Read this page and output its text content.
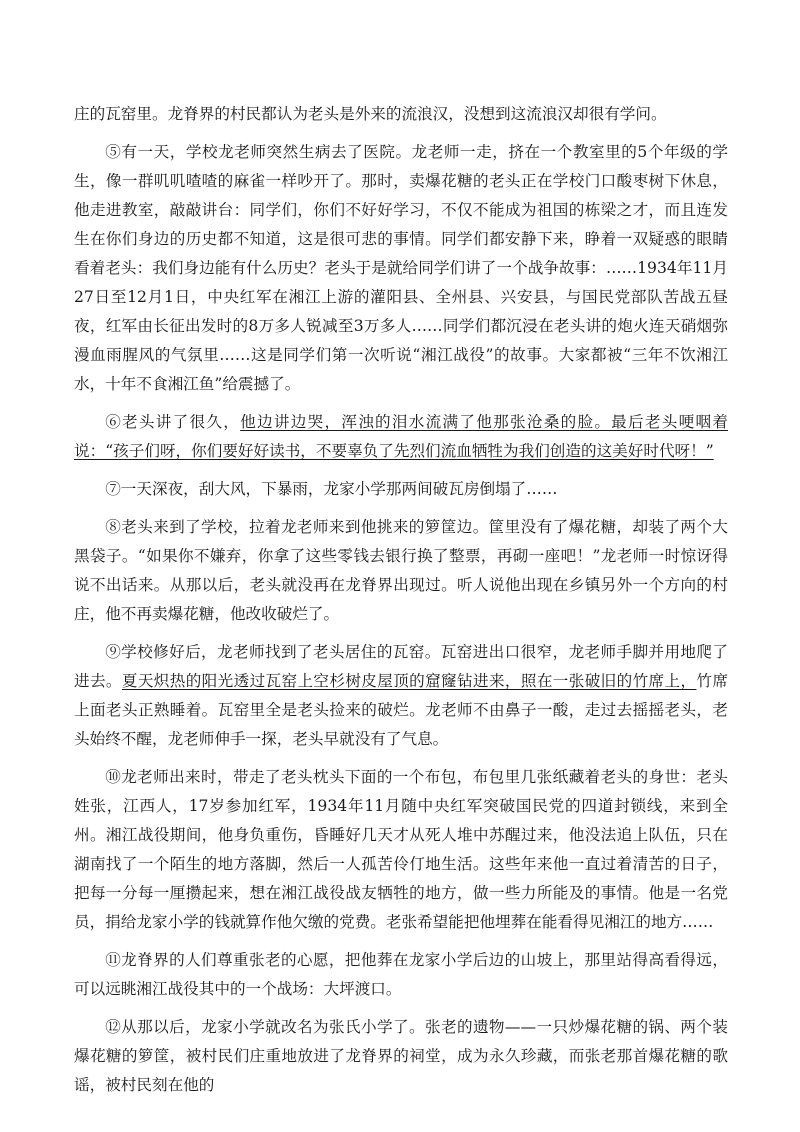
庄的瓦窑里。龙脊界的村民都认为老头是外来的流浪汉，没想到这流浪汉却很有学问。

⑤有一天，学校龙老师突然生病去了医院。龙老师一走，挤在一个教室里的5个年级的学生，像一群叽叽喳喳的麻雀一样吵开了。那时，卖爆花糖的老头正在学校门口酸枣树下休息，他走进教室，敲敲讲台：同学们，你们不好好学习，不仅不能成为祖国的栋梁之才，而且连发生在你们身边的历史都不知道，这是很可悲的事情。同学们都安静下来，睁着一双疑惑的眼睛看着老头：我们身边能有什么历史？老头于是就给同学们讲了一个战争故事：……1934年11月27日至12月1日，中央红军在湘江上游的灌阳县、全州县、兴安县，与国民党部队苦战五昼夜，红军由长征出发时的8万多人锐减至3万多人……同学们都沉浸在老头讲的炮火连天硝烟弥漫血雨腥风的气氛里……这是同学们第一次听说“湘江战役”的故事。大家都被“三年不饮湘江水，十年不食湘江鱼”给震撼了。

⑥老头讲了很久，他边讲边哭，浑浊的泪水流满了他那张沧桑的脸。最后老头哽咽着说：“孩子们呀，你们要好好读书，不要辜负了先烈们流血牺牲为我们创造的这美好时代呀！”

⑦一天深夜，刮大风，下暴雨，龙家小学那两间破瓦房倒塌了……

⑧老头来到了学校，拉着龙老师来到他挑来的箩筐边。筐里没有了爆花糖，却装了两个大黑袋子。“如果你不嫌弃，你拿了这些零钱去银行换了整票，再砌一座吧！”龙老师一时惊讶得说不出话来。从那以后，老头就没再在龙脊界出现过。听人说他出现在乡镇另外一个方向的村庄，他不再卖爆花糖，他改收破烂了。

⑨学校修好后，龙老师找到了老头居住的瓦窑。瓦窑进出口很窄，龙老师手脚并用地爬了进去。夏天炽热的阳光透过瓦窑上空杉树皮屋顶的窟窿钻进来，照在一张破旧的竹席上，竹席上面老头正熟睡着。瓦窑里全是老头捡来的破烂。龙老师不由鼻子一酸，走过去摇摇老头，老头始终不醒，龙老师伸手一探，老头早就没有了气息。

⑩龙老师出来时，带走了老头枕头下面的一个布包，布包里几张纸藏着老头的身世：老头姓张，江西人，17岁参加红军，1934年11月随中央红军突破国民党的四道封锁线，来到全州。湘江战役期间，他身负重伤，昏睡好几天才从死人堆中苏醒过来，他没法追上队伍，只在湖南找了一个陌生的地方落脚，然后一人孤苦伶仃地生活。这些年来他一直过着清苦的日子，把每一分每一厘攒起来，想在湘江战役战友牺牲的地方，做一些力所能及的事情。他是一名党员，捐给龙家小学的钱就算作他欠缴的党费。老张希望能把他埋葬在能看得见湘江的地方……

⑪龙脊界的人们尊重张老的心愿，把他葬在龙家小学后边的山坡上，那里站得高看得远，可以远眺湘江战役其中的一个战场：大坪渡口。

⑫从那以后，龙家小学就改名为张氏小学了。张老的遗物——一只炒爆花糖的锅、两个装爆花糖的箩筐，被村民们庄重地放进了龙脊界的祠堂，成为永久珍藏，而张老那首爆花糖的歌谣，被村民刻在他的
